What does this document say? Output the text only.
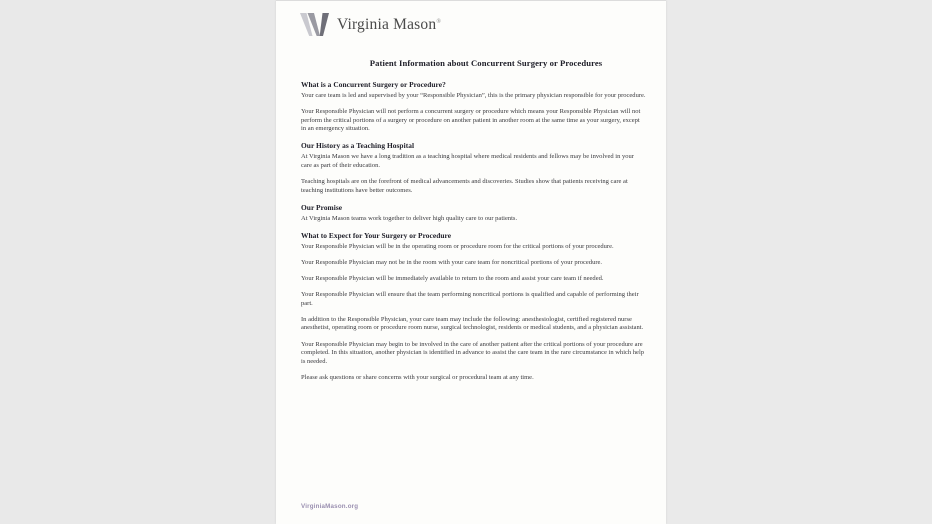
Virginia Mason®
Patient Information about Concurrent Surgery or Procedures
What is a Concurrent Surgery or Procedure?

Your care team is led and supervised by your “Responsible Physician”, this is the primary physician responsible for your procedure.

Your Responsible Physician will not perform a concurrent surgery or procedure which means your Responsible Physician will not perform the critical portions of a surgery or procedure on another patient in another room at the same time as your surgery, except in an emergency situation.

Our History as a Teaching Hospital

At Virginia Mason we have a long tradition as a teaching hospital where medical residents and fellows may be involved in your care as part of their education.

Teaching hospitals are on the forefront of medical advancements and discoveries. Studies show that patients receiving care at teaching institutions have better outcomes.

Our Promise

At Virginia Mason teams work together to deliver high quality care to our patients.

What to Expect for Your Surgery or Procedure

Your Responsible Physician will be in the operating room or procedure room for the critical portions of your procedure.

Your Responsible Physician may not be in the room with your care team for noncritical portions of your procedure.

Your Responsible Physician will be immediately available to return to the room and assist your care team if needed.

Your Responsible Physician will ensure that the team performing noncritical portions is qualified and capable of performing their part.

In addition to the Responsible Physician, your care team may include the following: anesthesiologist, certified registered nurse anesthetist, operating room or procedure room nurse, surgical technologist, residents or medical students, and a physician assistant.

Your Responsible Physician may begin to be involved in the care of another patient after the critical portions of your procedure are completed. In this situation, another physician is identified in advance to assist the care team in the rare circumstance in which help is needed.

Please ask questions or share concerns with your surgical or procedural team at any time.

VirginiaMason.org
